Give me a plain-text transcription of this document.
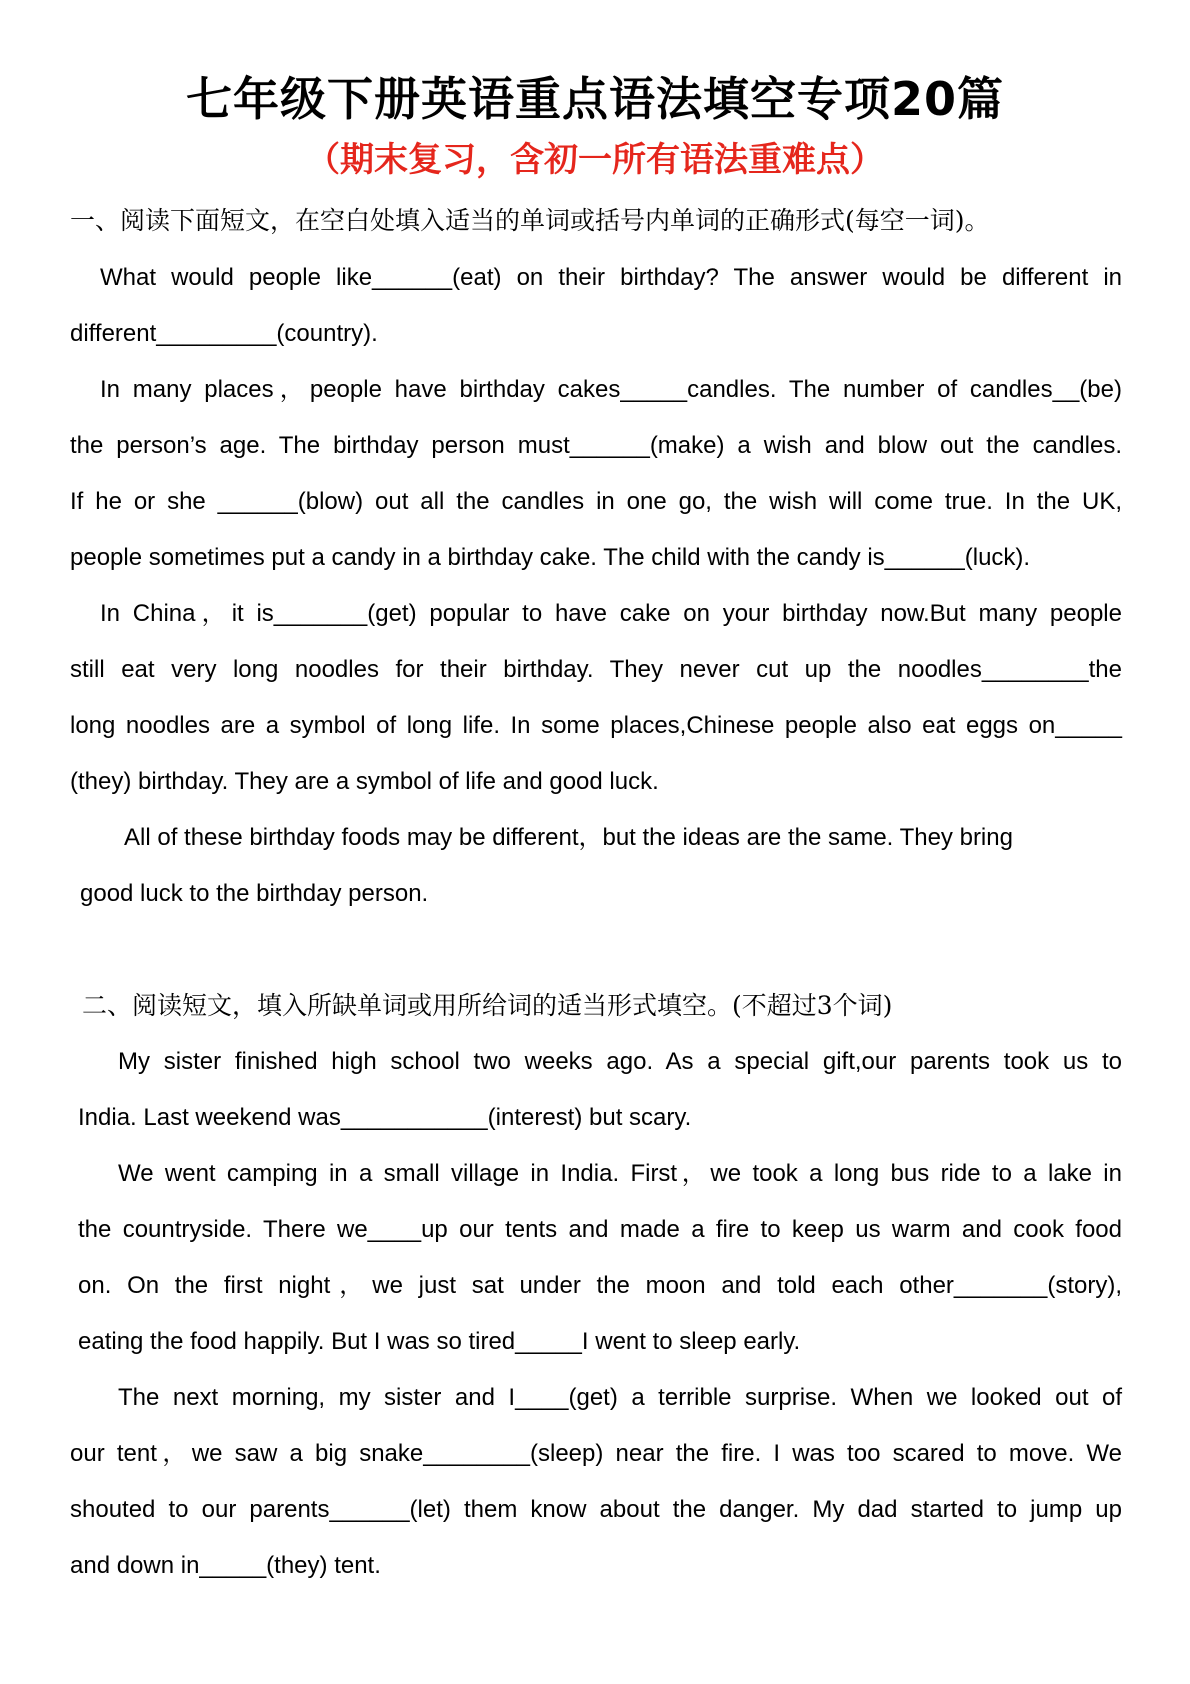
七年级下册英语重点语法填空专项20篇
（期末复习，含初一所有语法重难点）
一、阅读下面短文，在空白处填入适当的单词或括号内单词的正确形式(每空一词)。
What would people like______(eat) on their birthday? The answer would be different in
different_________(country).
In many places，people have birthday cakes_____candles. The number of candles__(be)
the person’s age. The birthday person must______(make) a wish and blow out the candles.
If he or she ______(blow) out all the candles in one go, the wish will come true. In the UK,
people sometimes put a candy in a birthday cake. The child with the candy is______(luck).
In China，it is_______(get) popular to have cake on your birthday now.But many people
still eat very long noodles for their birthday. They never cut up the noodles________the
long noodles are a symbol of long life. In some places,Chinese people also eat eggs on_____
(they) birthday. They are a symbol of life and good luck.
All of these birthday foods may be different，but the ideas are the same. They bring
good luck to the birthday person.
二、阅读短文，填入所缺单词或用所给词的适当形式填空。(不超过3个词)
My sister finished high school two weeks ago. As a special gift,our parents took us to
India. Last weekend was___________(interest) but scary.
We went camping in a small village in India. First，we took a long bus ride to a lake in
the countryside. There we____up our tents and made a fire to keep us warm and cook food
on. On the first night，we just sat under the moon and told each other_______(story),
eating the food happily. But I was so tired_____I went to sleep early.
The next morning, my sister and I____(get) a terrible surprise. When we looked out of
our tent，we saw a big snake________(sleep) near the fire. I was too scared to move. We
shouted to our parents______(let) them know about the danger. My dad started to jump up
and down in_____(they) tent.
